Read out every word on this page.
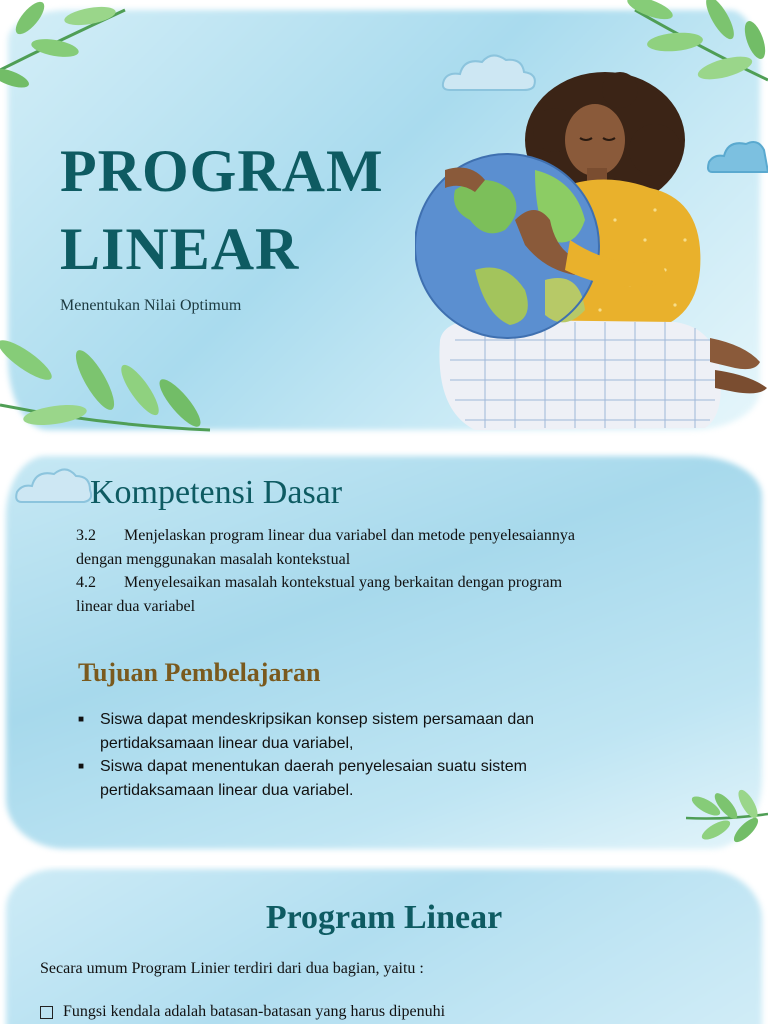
PROGRAM
LINEAR
Menentukan Nilai Optimum
Kompetensi Dasar
3.2 Menjelaskan program linear dua variabel dan metode penyelesaiannya
dengan menggunakan masalah kontekstual
4.2 Menyelesaikan masalah kontekstual yang berkaitan dengan program
linear dua variabel
Tujuan Pembelajaran

■ Siswa dapat mendeskripsikan konsep sistem persamaan dan pertidaksamaan linear dua variabel,

■ Siswa dapat menentukan daerah penyelesaian suatu sistem pertidaksamaan linear dua variabel.

Program Linear
Secara umum Program Linier terdiri dari dua bagian, yaitu :
Fungsi kendala adalah batasan-batasan yang harus dipenuhi
